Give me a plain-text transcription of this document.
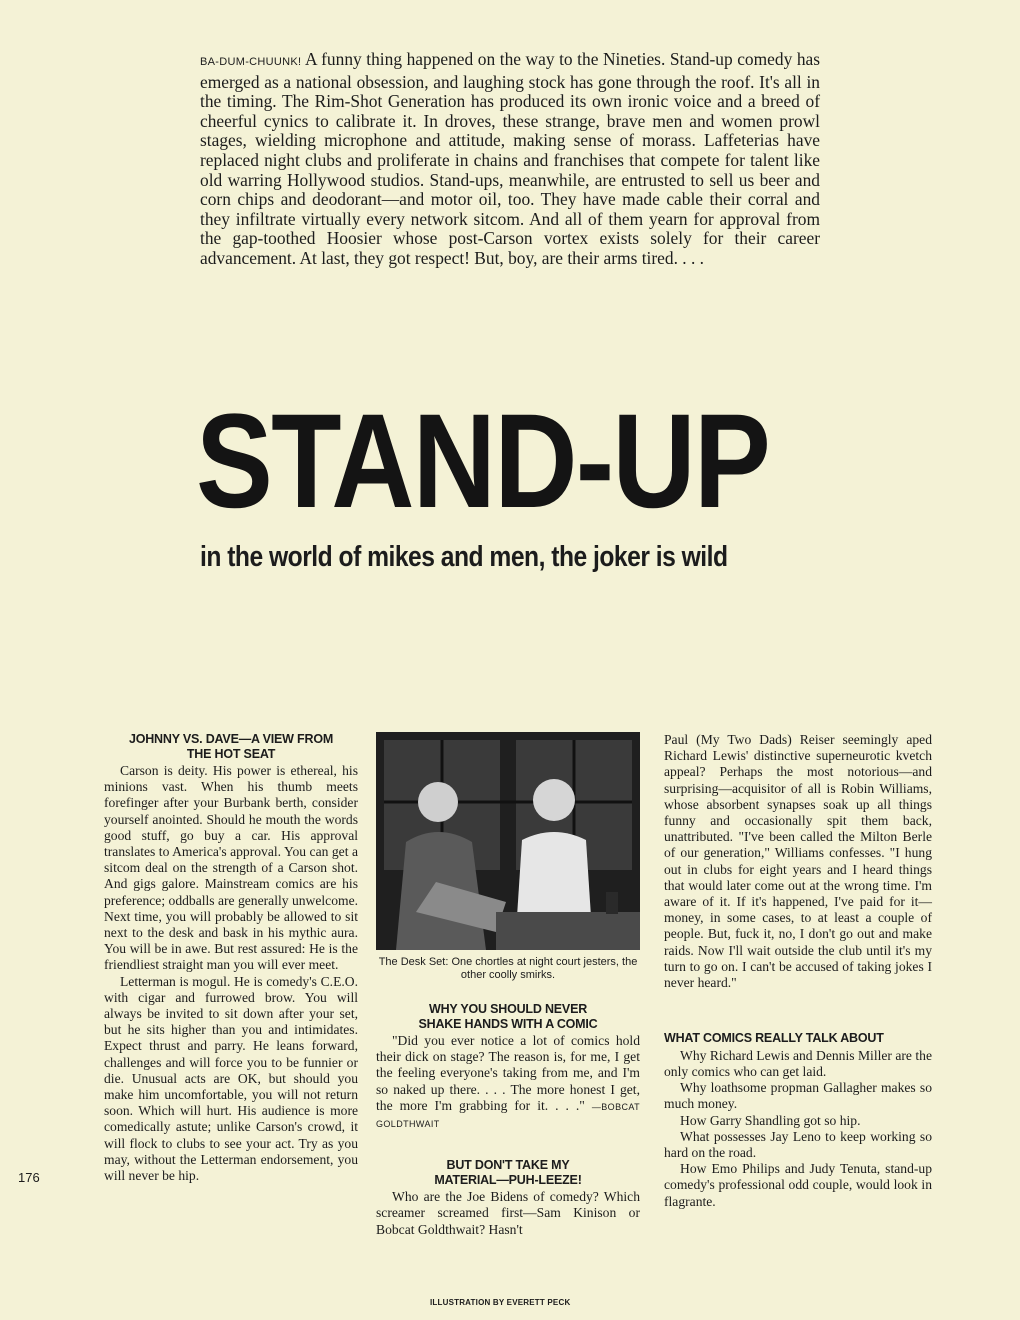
BA-DUM-CHUUNK! A funny thing happened on the way to the Nineties. Stand-up comedy has emerged as a national obsession, and laughing stock has gone through the roof. It's all in the timing. The Rim-Shot Generation has produced its own ironic voice and a breed of cheerful cynics to calibrate it. In droves, these strange, brave men and women prowl stages, wielding microphone and attitude, making sense of morass. Laffeterias have replaced night clubs and proliferate in chains and franchises that compete for talent like old warring Hollywood studios. Stand-ups, meanwhile, are entrusted to sell us beer and corn chips and deodorant—and motor oil, too. They have made cable their corral and they infiltrate virtually every network sitcom. And all of them yearn for approval from the gap-toothed Hoosier whose post-Carson vortex exists solely for their career advancement. At last, they got respect! But, boy, are their arms tired. . . .

STAND-UP
in the world of mikes and men, the joker is wild
JOHNNY VS. DAVE—A VIEW FROM
THE HOT SEAT

Carson is deity. His power is ethereal, his minions vast. When his thumb meets forefinger after your Burbank berth, consider yourself anointed. Should he mouth the words good stuff, go buy a car. His approval translates to America's approval. You can get a sitcom deal on the strength of a Carson shot. And gigs galore. Mainstream comics are his preference; oddballs are generally unwelcome. Next time, you will probably be allowed to sit next to the desk and bask in his mythic aura. You will be in awe. But rest assured: He is the friendliest straight man you will ever meet.

Letterman is mogul. He is comedy's C.E.O. with cigar and furrowed brow. You will always be invited to sit down after your set, but he sits higher than you and intimidates. Expect thrust and parry. He leans forward, challenges and will force you to be funnier or die. Unusual acts are OK, but should you make him uncomfortable, you will not return soon. Which will hurt. His audience is more comedically astute; unlike Carson's crowd, it will flock to clubs to see your act. Try as you may, without the Letterman endorsement, you will never be hip.

The Desk Set: One chortles at night court jesters, the other coolly smirks.
WHY YOU SHOULD NEVER
SHAKE HANDS WITH A COMIC

"Did you ever notice a lot of comics hold their dick on stage? The reason is, for me, I get the feeling everyone's taking from me, and I'm so naked up there. . . . The more honest I get, the more I'm grabbing for it. . . ." —BOBCAT GOLDTHWAIT

BUT DON'T TAKE MY
MATERIAL—PUH-LEEZE!

Who are the Joe Bidens of comedy? Which screamer screamed first—Sam Kinison or Bobcat Goldthwait? Hasn't

Paul (My Two Dads) Reiser seemingly aped Richard Lewis' distinctive superneurotic kvetch appeal? Perhaps the most notorious—and surprising—acquisitor of all is Robin Williams, whose absorbent synapses soak up all things funny and occasionally spit them back, unattributed. "I've been called the Milton Berle of our generation," Williams confesses. "I hung out in clubs for eight years and I heard things that would later come out at the wrong time. I'm aware of it. If it's happened, I've paid for it—money, in some cases, to at least a couple of people. But, fuck it, no, I don't go out and make raids. Now I'll wait outside the club until it's my turn to go on. I can't be accused of taking jokes I never heard."

WHAT COMICS REALLY TALK ABOUT

Why Richard Lewis and Dennis Miller are the only comics who can get laid.

Why loathsome propman Gallagher makes so much money.

How Garry Shandling got so hip.

What possesses Jay Leno to keep working so hard on the road.

How Emo Philips and Judy Tenuta, stand-up comedy's professional odd couple, would look in flagrante.

176
ILLUSTRATION BY EVERETT PECK
